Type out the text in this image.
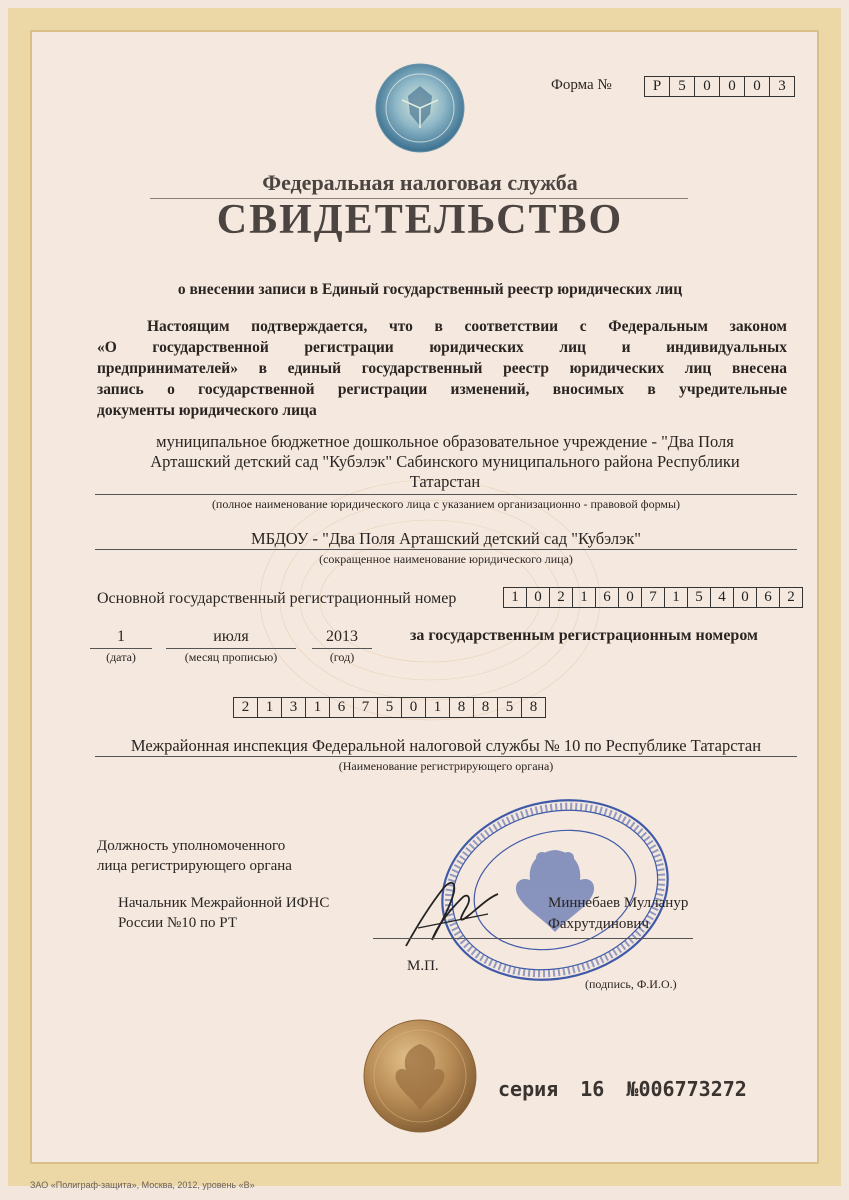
Форма №	Р	5	0	0	0	3
Федеральная налоговая служба
СВИДЕТЕЛЬСТВО
о внесении записи в Единый государственный реестр юридических лиц
Настоящим подтверждается, что в соответствии с Федеральным законом
«О государственной регистрации юридических лиц и индивидуальных
предпринимателей» в единый государственный реестр юридических лиц внесена
запись о государственной регистрации изменений, вносимых в учредительные
документы юридического лица
муниципальное бюджетное дошкольное образовательное учреждение - "Два Поля
Арташский детский сад "Кубэлэк" Сабинского муниципального района Республики
Татарстан
(полное наименование юридического лица с указанием организационно - правовой формы)
МБДОУ - "Два Поля Арташский детский сад "Кубэлэк"
(сокращенное наименование юридического лица)
Основной государственный регистрационный номер	1	0	2	1	6	0	7	1	5	4	0	6	2
1
(дата)
июля
(месяц прописью)
2013
(год)
за государственным регистрационным номером
2	1	3	1	6	7	5	0	1	8	8	5	8
Межрайонная инспекция Федеральной налоговой службы № 10 по Республике Татарстан
(Наименование регистрирующего органа)
Должность уполномоченного
лица регистрирующего органа
Начальник Межрайонной ИФНС
России №10 по РТ
Миннебаев Мулланур
Фахрутдинович
М.П.
(подпись, Ф.И.О.)
серия 16 №006773272
ЗАО «Полиграф-защита», Москва, 2012, уровень «В»
